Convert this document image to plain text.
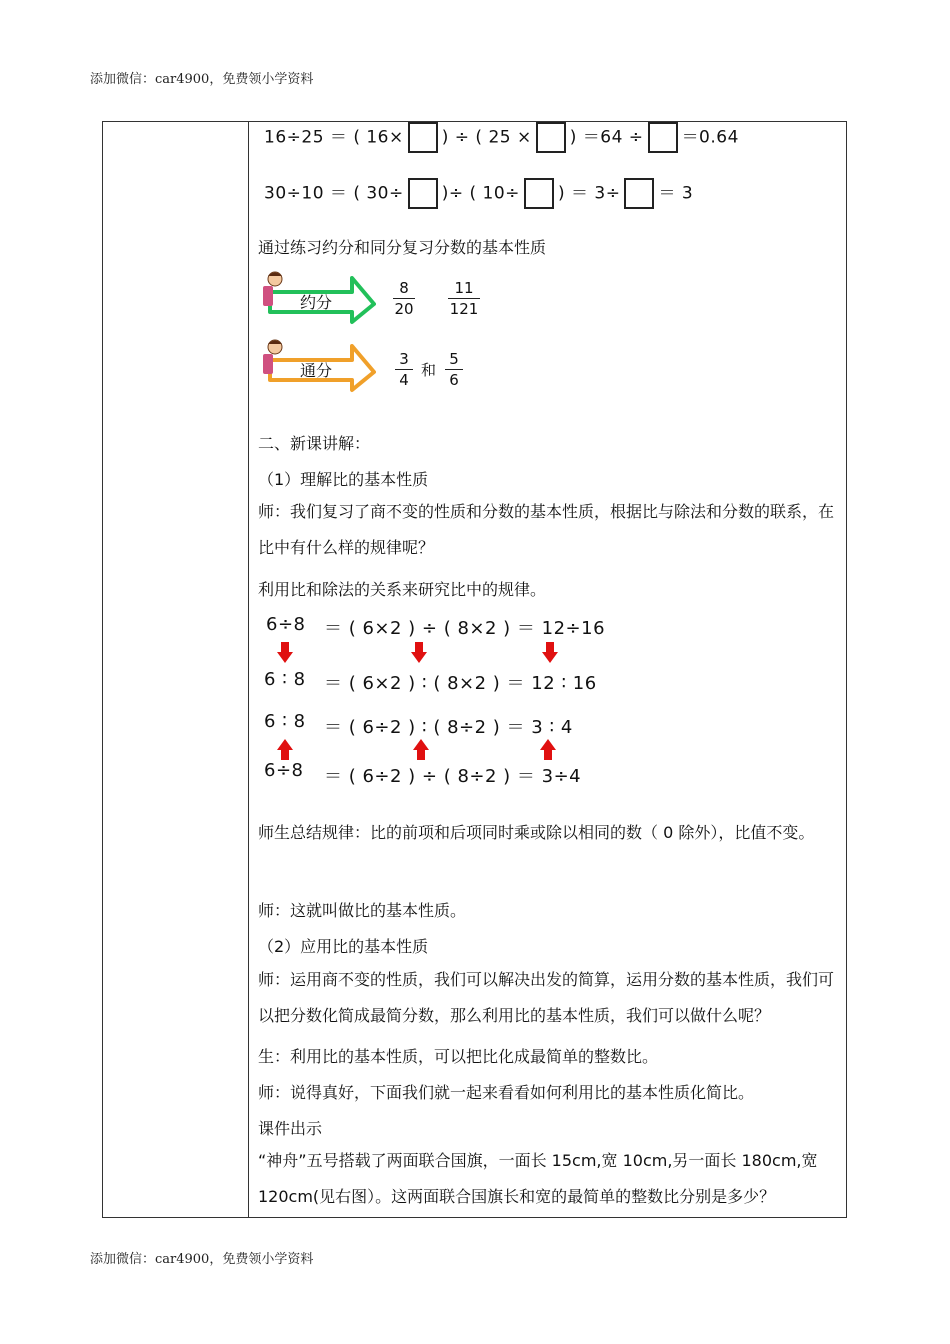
添加微信：car4900，免费领小学资料
16÷25 ＝ ( 16× ) ÷ ( 25 × ) ＝64 ÷ ＝0.64
30÷10 ＝ ( 30÷ )÷ ( 10÷ ) ＝ 3÷ ＝ 3
通过练习约分和同分复习分数的基本性质
约分
8
20
11
121
通分
3
4
和
5
6
二、新课讲解：
（1）理解比的基本性质
师：我们复习了商不变的性质和分数的基本性质，根据比与除法和分数的联系，在比中有什么样的规律呢？
利用比和除法的关系来研究比中的规律。
6÷8 ＝ ( 6×2 ) ÷ ( 8×2 ) ＝ 12÷16
6 ∶ 8 ＝ ( 6×2 ) ∶ ( 8×2 ) ＝ 12 ∶ 16
6 ∶ 8 ＝ ( 6÷2 ) ∶ ( 8÷2 ) ＝ 3 ∶ 4
6÷8 ＝ ( 6÷2 ) ÷ ( 8÷2 ) ＝ 3÷4
师生总结规律：比的前项和后项同时乘或除以相同的数（ 0 除外），比值不变。
师：这就叫做比的基本性质。
（2）应用比的基本性质
师：运用商不变的性质，我们可以解决出发的简算，运用分数的基本性质，我们可以把分数化简成最简分数，那么利用比的基本性质，我们可以做什么呢？
生：利用比的基本性质，可以把比化成最简单的整数比。
师：说得真好，下面我们就一起来看看如何利用比的基本性质化简比。
课件出示
“神舟”五号搭载了两面联合国旗，一面长 15cm,宽 10cm,另一面长 180cm,宽 120cm(见右图）。这两面联合国旗长和宽的最简单的整数比分别是多少？
添加微信：car4900，免费领小学资料
